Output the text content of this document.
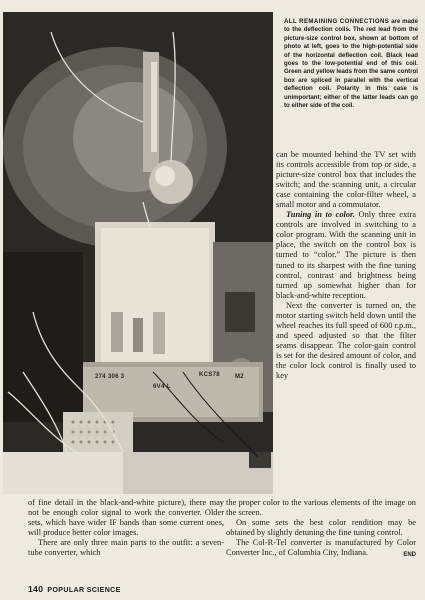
274 306 3
6V4-L
KCS78	M2
ALL REMAINING CONNECTIONS are made to the deflection coils. The red lead from the picture-size control box, shown at bottom of photo at left, goes to the high-potential side of the horizontal deflection coil. Black lead goes to the low-potential end of this coil. Green and yellow leads from the same control box are spliced in parallel with the vertical deflection coil. Polarity in this case is unimportant; either of the latter leads can go to either side of the coil.

can be mounted behind the TV set with its controls accessible from top or side, a picture-size control box that includes the switch; and the scanning unit, a circular case containing the color-filter wheel, a small motor and a commutator.

Tuning in to color. Only three extra controls are involved in switching to a color program. With the scanning unit in place, the switch on the control box is turned to “color.” The picture is then tuned to its sharpest with the fine tuning control, contrast and brightness being turned up somewhat higher than for black-and-white reception.

Next the converter is turned on, the motor starting switch held down until the wheel reaches its full speed of 600 r.p.m., and speed adjusted so that the filter seams disappear. The color-gain control is set for the desired amount of color, and the color lock control is finally used to key

of fine detail in the black-and-white picture), there may not be enough color signal to work the converter. Older sets, which have wider IF bands than some current ones, will produce better color images.

There are only three main parts to the outfit: a seven-tube converter, which

the proper color to the various elements of the image on the screen.

On some sets the best color rendition may be obtained by slightly detuning the fine tuning control.

The Col-R-Tel converter is manufactured by Color Converter Inc., of Columbia City, Indiana.	END

140 POPULAR SCIENCE
